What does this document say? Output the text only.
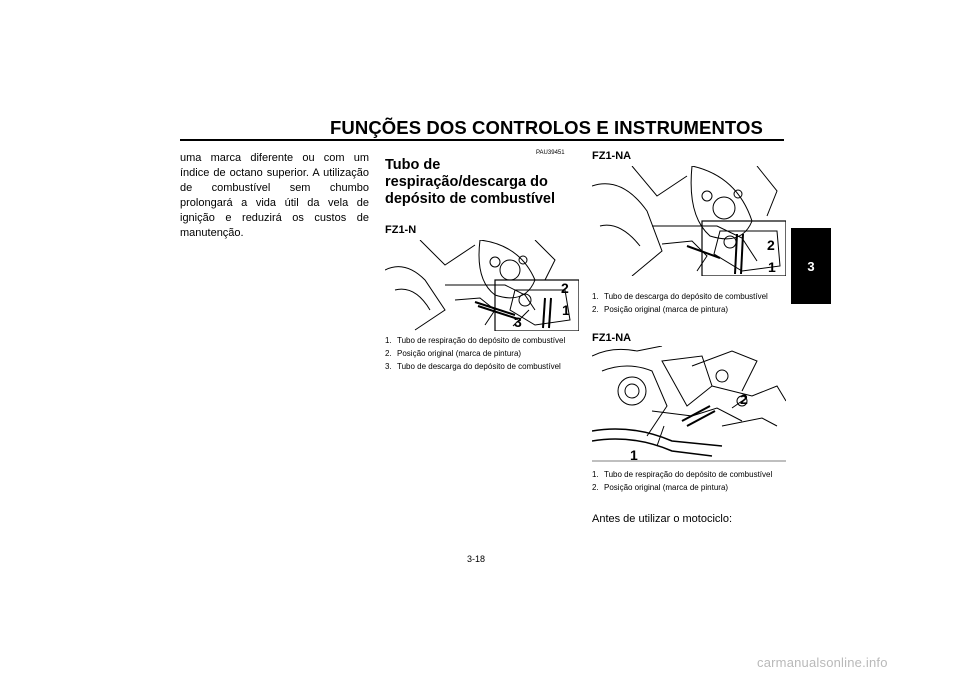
FUNÇÕES DOS CONTROLOS E INSTRUMENTOS
3
uma marca diferente ou com um índice de octano superior. A utilização de combustível sem chumbo prolongará a vida útil da vela de ignição e reduzirá os custos de manutenção.
PAU39451
Tubo de respiração/descarga do depósito de combustível
FZ1-N
2
1
3
1. Tubo de respiração do depósito de combustível
2. Posição original (marca de pintura)
3. Tubo de descarga do depósito de combustível
FZ1-NA
2
1
1. Tubo de descarga do depósito de combustível
2. Posição original (marca de pintura)
FZ1-NA
2
1
1. Tubo de respiração do depósito de combustível
2. Posição original (marca de pintura)
Antes de utilizar o motociclo:
3-18
carmanualsonline.info
